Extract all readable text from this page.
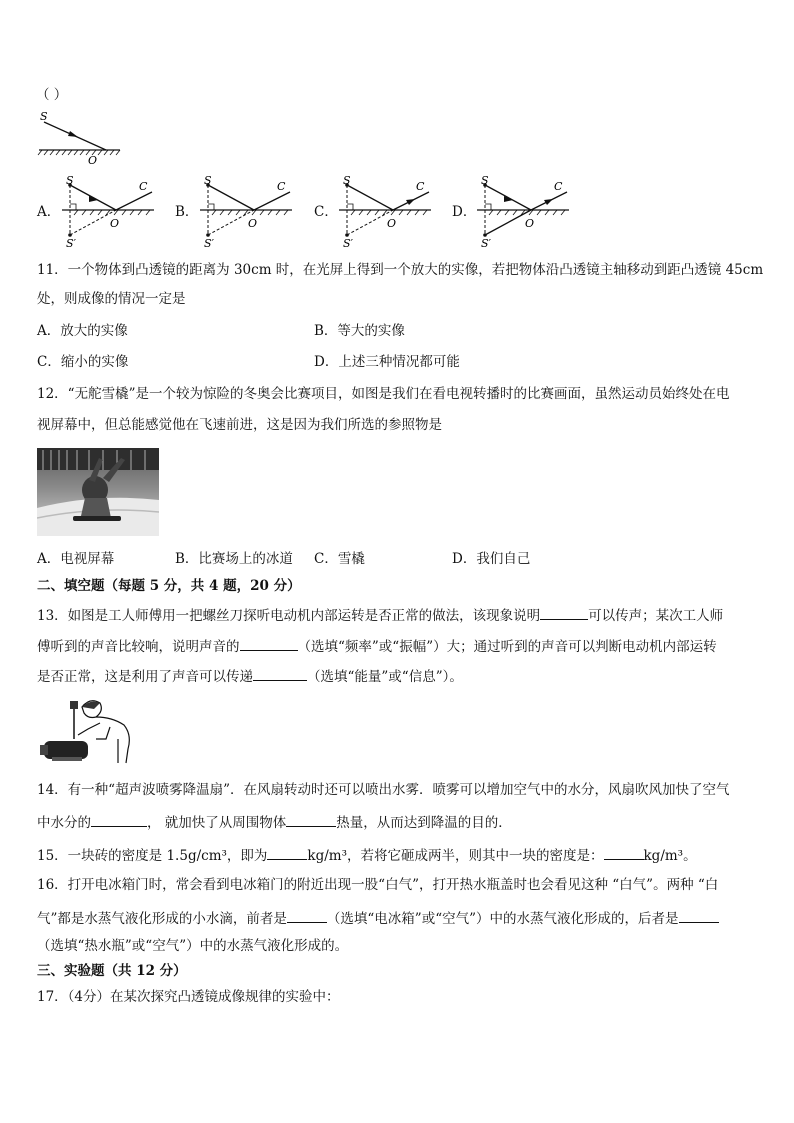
（ ）
S
O
A．
S	C
O
S′
B．
S	C
O
S′
C．
S	C
O
S′
D．
S	C
O
S′
11．一个物体到凸透镜的距离为 30cm 时，在光屏上得到一个放大的实像，若把物体沿凸透镜主轴移动到距凸透镜 45cm
处，则成像的情况一定是
A．放大的实像	B．等大的实像
C．缩小的实像	D．上述三种情况都可能
12．“无舵雪橇”是一个较为惊险的冬奥会比赛项目，如图是我们在看电视转播时的比赛画面，虽然运动员始终处在电
视屏幕中，但总能感觉他在飞速前进，这是因为我们所选的参照物是
A．电视屏幕	B．比赛场上的冰道 C．雪橇	D．我们自己
二、填空题（每题 5 分，共 4 题，20 分）
13．如图是工人师傅用一把螺丝刀探听电动机内部运转是否正常的做法，该现象说明	可以传声；某次工人师
傅听到的声音比较响，说明声音的	（选填“频率”或“振幅”）大；通过听到的声音可以判断电动机内部运转
是否正常，这是利用了声音可以传递	（选填“能量”或“信息”）。
14．有一种“超声波喷雾降温扇”．在风扇转动时还可以喷出水雾．喷雾可以增加空气中的水分，风扇吹风加快了空气
中水分的	， 就加快了从周围物体	热量，从而达到降温的目的．
15．一块砖的密度是 1.5g/cm³，即为	kg/m³，若将它砸成两半，则其中一块的密度是：	kg/m³。
16．打开电冰箱门时，常会看到电冰箱门的附近出现一股“白气”，打开热水瓶盖时也会看见这种 “白气”。两种 “白
气”都是水蒸气液化形成的小水滴，前者是	（选填“电冰箱”或“空气”）中的水蒸气液化形成的，后者是
（选填“热水瓶”或“空气”）中的水蒸气液化形成的。
三、实验题（共 12 分）
17．（4分）在某次探究凸透镜成像规律的实验中：
